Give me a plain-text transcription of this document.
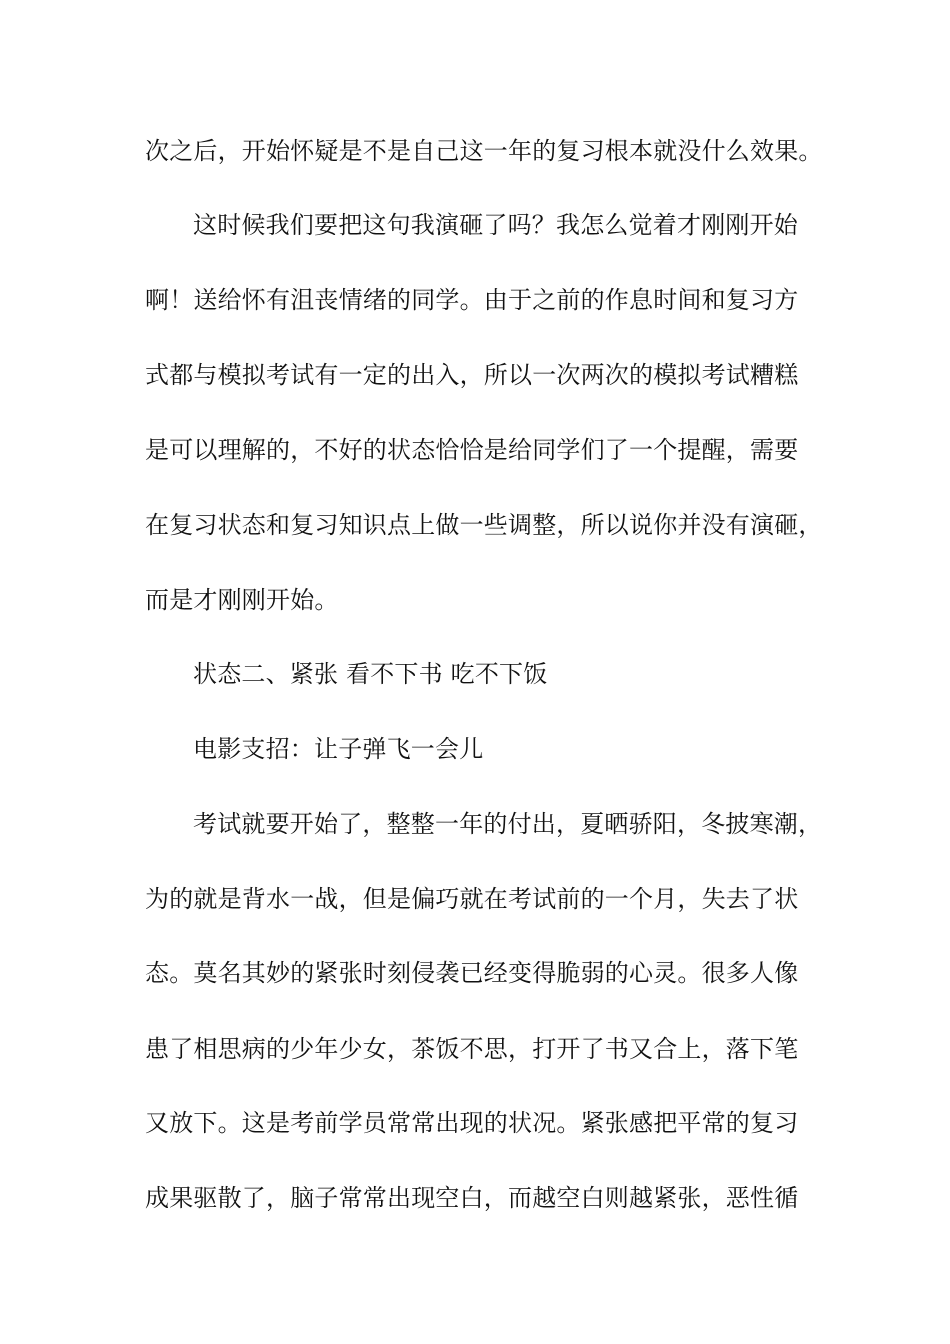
次之后，开始怀疑是不是自己这一年的复习根本就没什么效果。
这时候我们要把这句我演砸了吗？我怎么觉着才刚刚开始
啊！送给怀有沮丧情绪的同学。由于之前的作息时间和复习方
式都与模拟考试有一定的出入，所以一次两次的模拟考试糟糕
是可以理解的，不好的状态恰恰是给同学们了一个提醒，需要
在复习状态和复习知识点上做一些调整，所以说你并没有演砸，
而是才刚刚开始。
状态二、紧张 看不下书 吃不下饭
电影支招：让子弹飞一会儿
考试就要开始了，整整一年的付出，夏晒骄阳，冬披寒潮，
为的就是背水一战，但是偏巧就在考试前的一个月，失去了状
态。莫名其妙的紧张时刻侵袭已经变得脆弱的心灵。很多人像
患了相思病的少年少女，茶饭不思，打开了书又合上，落下笔
又放下。这是考前学员常常出现的状况。紧张感把平常的复习
成果驱散了，脑子常常出现空白，而越空白则越紧张，恶性循
